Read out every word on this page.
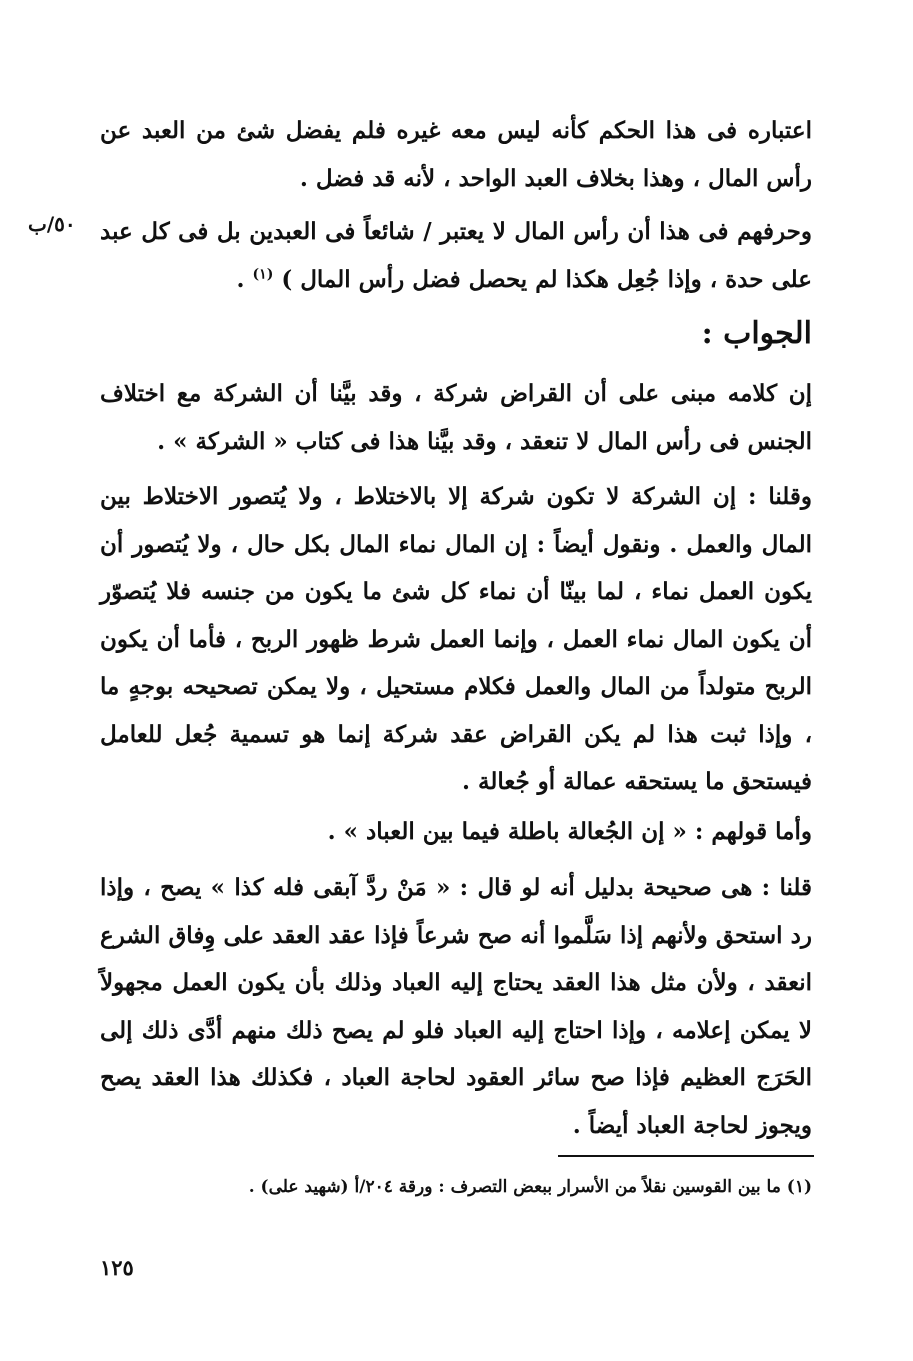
اعتباره فى هذا الحكم كأنه ليس معه غيره فلم يفضل شئ من العبد عن رأس المال ، وهذا بخلاف العبد الواحد ، لأنه قد فضل .

٥٠/ب وحرفهم فى هذا أن رأس المال لا يعتبر / شائعاً فى العبدين بل فى كل عبد على حدة ، وإذا جُعِل هكذا لم يحصل فضل رأس المال ) $^{(١)}$ .

الجواب :

إن كلامه مبنى على أن القراض شركة ، وقد بيَّنا أن الشركة مع اختلاف الجنس فى رأس المال لا تنعقد ، وقد بيَّنا هذا فى كتاب « الشركة » .

وقلنا : إن الشركة لا تكون شركة إلا بالاختلاط ، ولا يُتصور الاختلاط بين المال والعمل . ونقول أيضاً : إن المال نماء المال بكل حال ، ولا يُتصور أن يكون العمل نماء ، لما بينّا أن نماء كل شئ ما يكون من جنسه فلا يُتصوّر أن يكون المال نماء العمل ، وإنما العمل شرط ظهور الربح ، فأما أن يكون الربح متولداً من المال والعمل فكلام مستحيل ، ولا يمكن تصحيحه بوجهٍ ما ، وإذا ثبت هذا لم يكن القراض عقد شركة إنما هو تسمية جُعل للعامل فيستحق ما يستحقه عمالة أو جُعالة .

وأما قولهم : « إن الجُعالة باطلة فيما بين العباد » .

قلنا : هى صحيحة بدليل أنه لو قال : « مَنْ ردَّ آبقى فله كذا » يصح ، وإذا رد استحق ولأنهم إذا سَلَّموا أنه صح شرعاً فإذا عقد العقد على وِفاق الشرع انعقد ، ولأن مثل هذا العقد يحتاج إليه العباد وذلك بأن يكون العمل مجهولاً لا يمكن إعلامه ، وإذا احتاج إليه العباد فلو لم يصح ذلك منهم أدَّى ذلك إلى الحَرَج العظيم فإذا صح سائر العقود لحاجة العباد ، فكذلك هذا العقد يصح ويجوز لحاجة العباد أيضاً .

(١) ما بين القوسين نقلاً من الأسرار ببعض التصرف : ورقة ٢٠٤/أ (شهيد على) .

١٢٥
